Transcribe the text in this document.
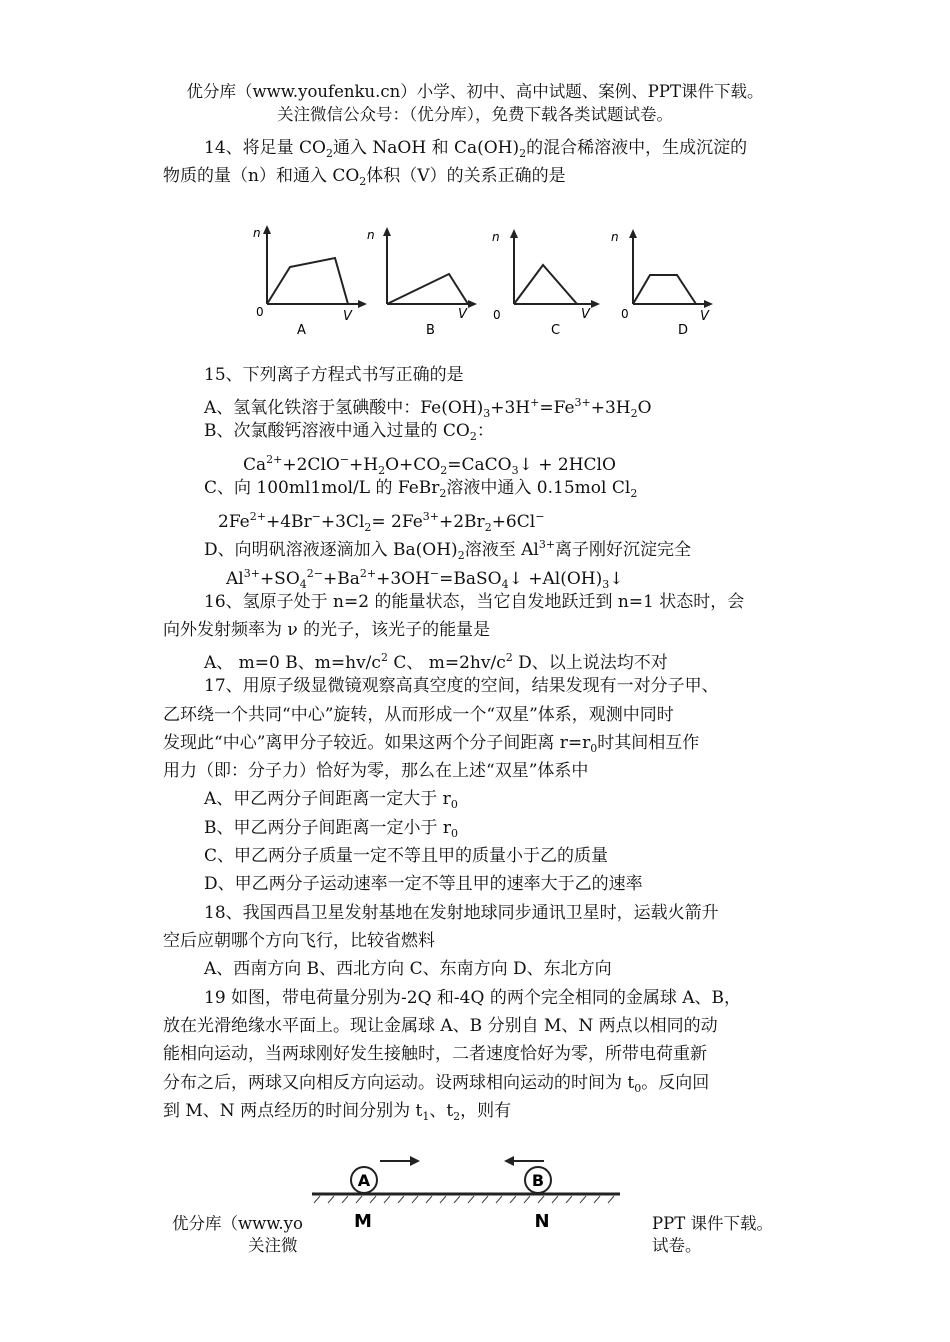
优分库（www.youfenku.cn）小学、初中、高中试题、案例、PPT课件下载。
关注微信公众号：（优分库），免费下载各类试题试卷。
14、将足量 $CO_2$通入 NaOH 和 $Ca(OH)_2$的混合稀溶液中，生成沉淀的
物质的量（n）和通入 $CO_2$体积（V）的关系正确的是
n
0	V
A
n
V
B
n
V
C
n
0	V
D
0
15、下列离子方程式书写正确的是
A、氢氧化铁溶于氢碘酸中：$Fe(OH)_3+3H^+=Fe^{3+}+3H_2O$
B、次氯酸钙溶液中通入过量的 $CO_2$：
$Ca^{2+}+2ClO^-+H_2O+CO_2=CaCO_3↓$ + 2HClO
C、向 100ml1mol/L 的 FeBr$_2$溶液中通入 0.15mol $Cl_2$
$2Fe^{2+}+4Br^-+3Cl_2= 2Fe^{3+}+2Br_2+6Cl^-$
D、向明矾溶液逐滴加入 $Ba(OH)_2$溶液至 $Al^{3+}$离子刚好沉淀完全
$Al^{3+}+SO_4^{2-}+Ba^{2+}+3OH^-=BaSO_4↓$ $+Al(OH)_3↓$
16、氢原子处于 n=2 的能量状态，当它自发地跃迁到 n=1 状态时，会
向外发射频率为 ν 的光子，该光子的能量是
A、 m=0 B、$m=hv/c^2$ C、 $m=2hv/c^2$ D、以上说法均不对
17、用原子级显微镜观察高真空度的空间，结果发现有一对分子甲、
乙环绕一个共同“中心”旋转，从而形成一个“双星”体系，观测中同时
发现此“中心”离甲分子较近。如果这两个分子间距离 $r=r_0$时其间相互作
用力（即：分子力）恰好为零，那么在上述“双星”体系中
A、甲乙两分子间距离一定大于 $r_0$
B、甲乙两分子间距离一定小于 $r_0$
C、甲乙两分子质量一定不等且甲的质量小于乙的质量
D、甲乙两分子运动速率一定不等且甲的速率大于乙的速率
18、我国西昌卫星发射基地在发射地球同步通讯卫星时，运载火箭升
空后应朝哪个方向飞行，比较省燃料
A、西南方向 B、西北方向 C、东南方向 D、东北方向
19 如图，带电荷量分别为-2Q 和-4Q 的两个完全相同的金属球 A、B，
放在光滑绝缘水平面上。现让金属球 A、B 分别自 M、N 两点以相同的动
能相向运动，当两球刚好发生接触时，二者速度恰好为零，所带电荷重新
分布之后，两球又向相反方向运动。设两球相向运动的时间为 $t_0$。反向回
到 M、N 两点经历的时间分别为 $t_1$、$t_2$，则有
优分库（www.yo	PPT 课件下载。
关注微	试卷。
A	B
M	N
